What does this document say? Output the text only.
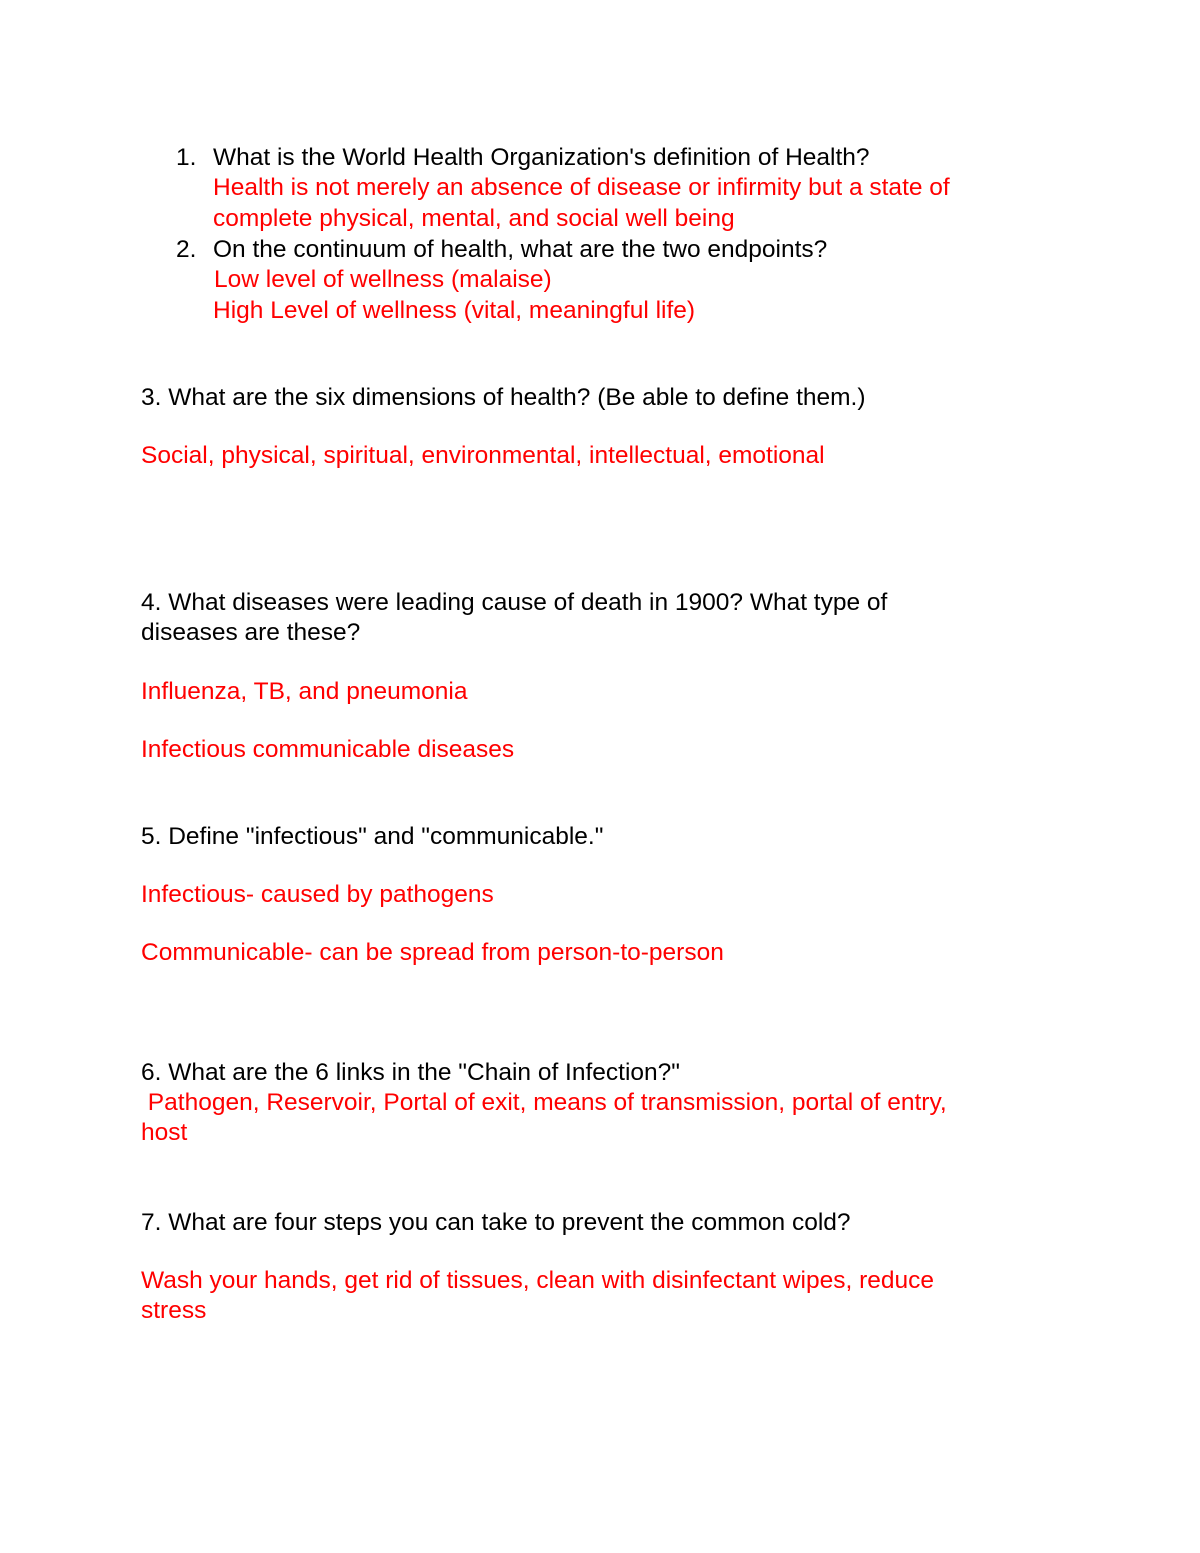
1. What is the World Health Organization's definition of Health?
Health is not merely an absence of disease or infirmity but a state of
complete physical, mental, and social well being
2. On the continuum of health, what are the two endpoints?
Low level of wellness (malaise)
High Level of wellness (vital, meaningful life)
3. What are the six dimensions of health? (Be able to define them.)
Social, physical, spiritual, environmental, intellectual, emotional
4. What diseases were leading cause of death in 1900? What type of
diseases are these?
Influenza, TB, and pneumonia
Infectious communicable diseases
5. Define "infectious" and "communicable."
Infectious- caused by pathogens
Communicable- can be spread from person-to-person
6. What are the 6 links in the "Chain of Infection?"
Pathogen, Reservoir, Portal of exit, means of transmission, portal of entry,
host
7. What are four steps you can take to prevent the common cold?
Wash your hands, get rid of tissues, clean with disinfectant wipes, reduce
stress
